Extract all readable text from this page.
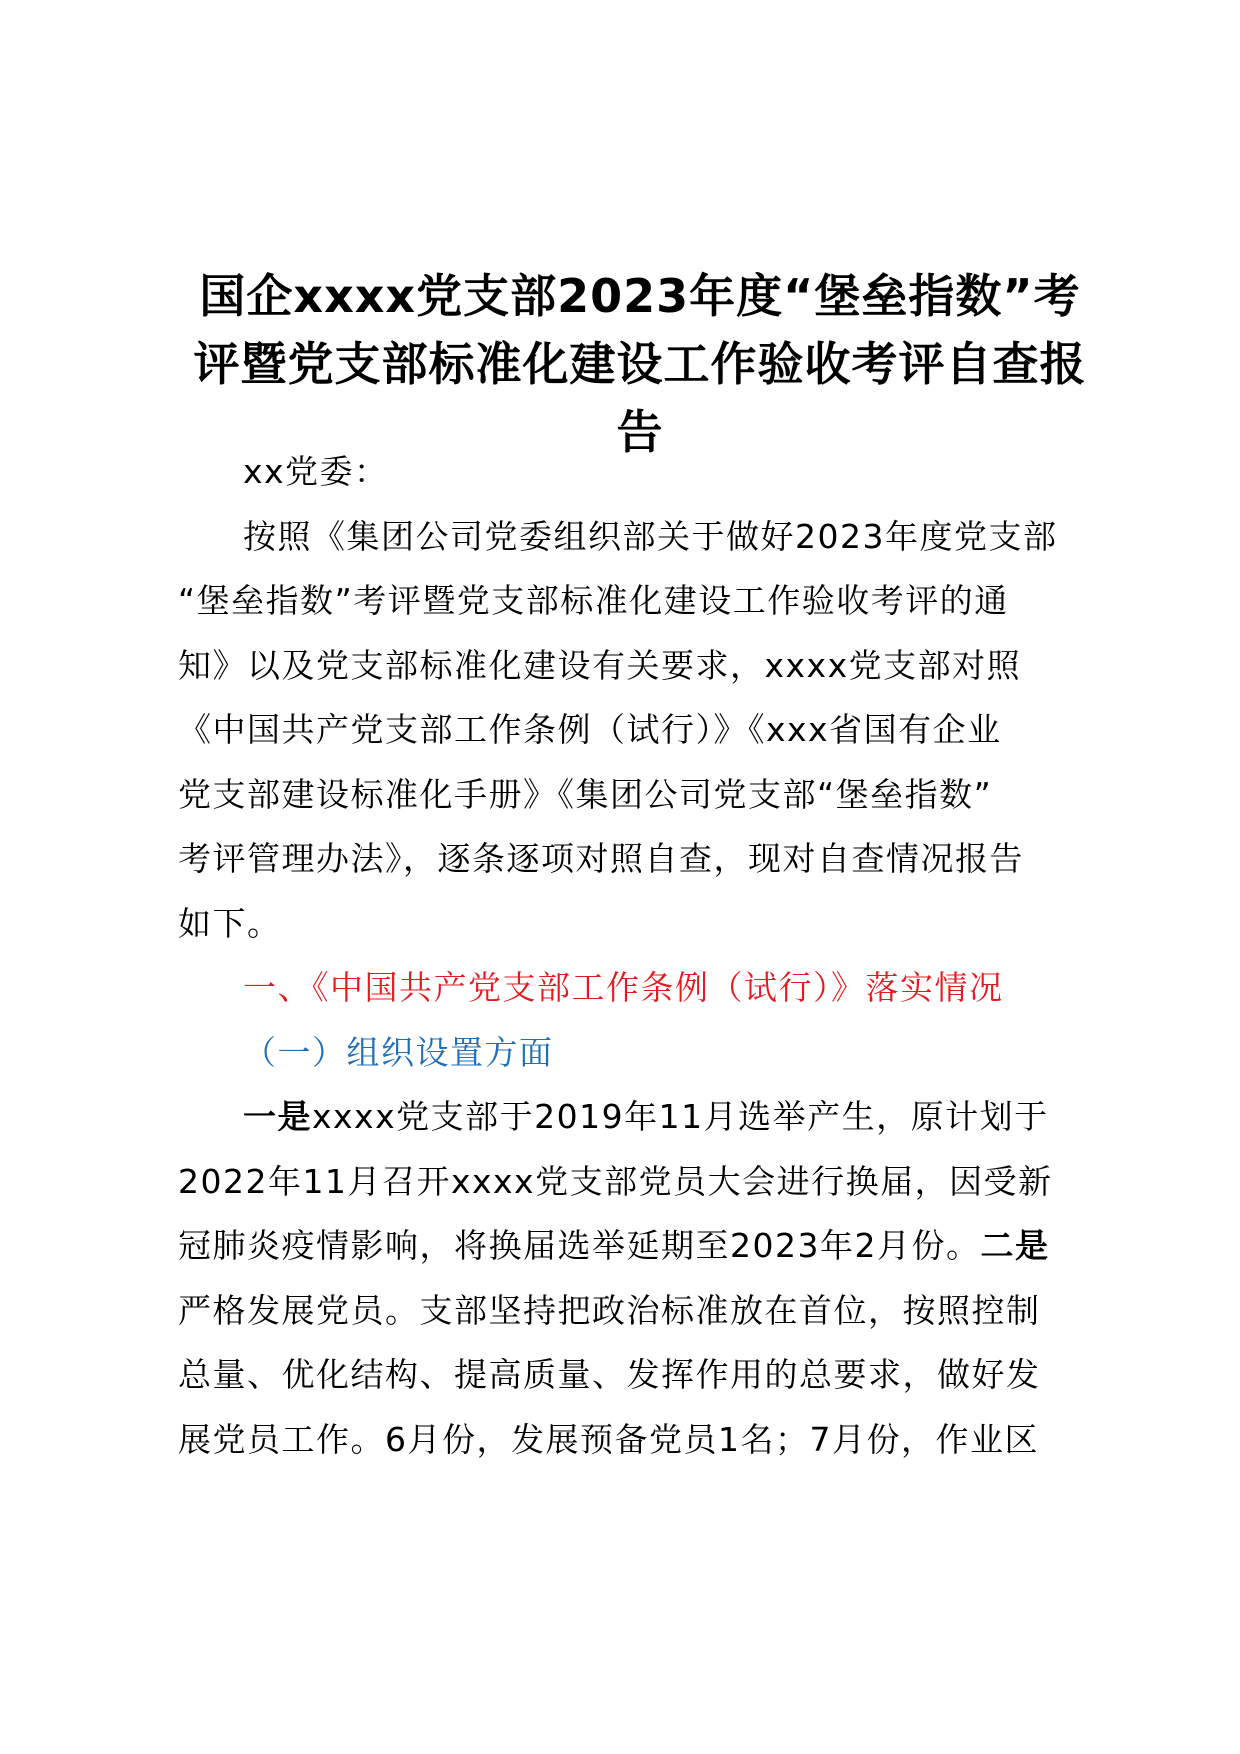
国企xxxx党支部2023年度“堡垒指数”考
评暨党支部标准化建设工作验收考评自查报
告
xx党委：
按照《集团公司党委组织部关于做好2023年度党支部
“堡垒指数”考评暨党支部标准化建设工作验收考评的通
知》以及党支部标准化建设有关要求，xxxx党支部对照
《中国共产党支部工作条例（试行）》《xxx省国有企业
党支部建设标准化手册》《集团公司党支部“堡垒指数”
考评管理办法》，逐条逐项对照自查，现对自查情况报告
如下。
一、《中国共产党支部工作条例（试行）》落实情况
（一）组织设置方面
一是xxxx党支部于2019年11月选举产生，原计划于
2022年11月召开xxxx党支部党员大会进行换届，因受新
冠肺炎疫情影响，将换届选举延期至2023年2月份。二是
严格发展党员。支部坚持把政治标准放在首位，按照控制
总量、优化结构、提高质量、发挥作用的总要求，做好发
展党员工作。6月份，发展预备党员1名；7月份，作业区
